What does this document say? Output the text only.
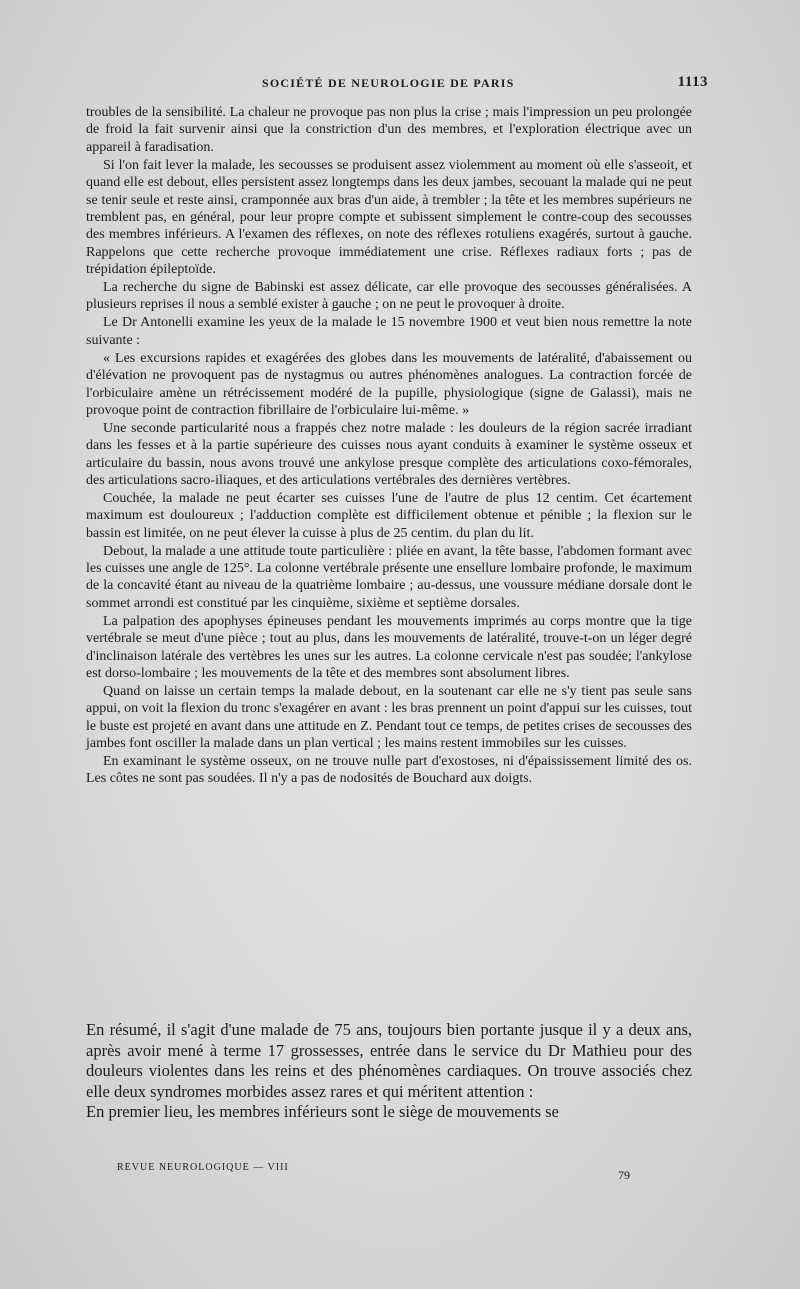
SOCIÉTÉ DE NEUROLOGIE DE PARIS	1113

troubles de la sensibilité. La chaleur ne provoque pas non plus la crise ; mais l'impression un peu prolongée de froid la fait survenir ainsi que la constriction d'un des membres, et l'exploration électrique avec un appareil à faradisation.

Si l'on fait lever la malade, les secousses se produisent assez violemment au moment où elle s'asseoit, et quand elle est debout, elles persistent assez longtemps dans les deux jambes, secouant la malade qui ne peut se tenir seule et reste ainsi, cramponnée aux bras d'un aide, à trembler ; la tête et les membres supérieurs ne tremblent pas, en général, pour leur propre compte et subissent simplement le contre-coup des secousses des membres inférieurs. A l'examen des réflexes, on note des réflexes rotuliens exagérés, surtout à gauche. Rappelons que cette recherche provoque immédiatement une crise. Réflexes radiaux forts ; pas de trépidation épileptoïde.

La recherche du signe de Babinski est assez délicate, car elle provoque des secousses généralisées. A plusieurs reprises il nous a semblé exister à gauche ; on ne peut le provoquer à droite.

Le Dr Antonelli examine les yeux de la malade le 15 novembre 1900 et veut bien nous remettre la note suivante :

« Les excursions rapides et exagérées des globes dans les mouvements de latéralité, d'abaissement ou d'élévation ne provoquent pas de nystagmus ou autres phénomènes analogues. La contraction forcée de l'orbiculaire amène un rétrécissement modéré de la pupille, physiologique (signe de Galassi), mais ne provoque point de contraction fibrillaire de l'orbiculaire lui-même. »

Une seconde particularité nous a frappés chez notre malade : les douleurs de la région sacrée irradiant dans les fesses et à la partie supérieure des cuisses nous ayant conduits à examiner le système osseux et articulaire du bassin, nous avons trouvé une ankylose presque complète des articulations coxo-fémorales, des articulations sacro-iliaques, et des articulations vertébrales des dernières vertèbres.

Couchée, la malade ne peut écarter ses cuisses l'une de l'autre de plus 12 centim. Cet écartement maximum est douloureux ; l'adduction complète est difficilement obtenue et pénible ; la flexion sur le bassin est limitée, on ne peut élever la cuisse à plus de 25 centim. du plan du lit.

Debout, la malade a une attitude toute particulière : pliée en avant, la tête basse, l'abdomen formant avec les cuisses une angle de 125°. La colonne vertébrale présente une ensellure lombaire profonde, le maximum de la concavité étant au niveau de la quatrième lombaire ; au-dessus, une voussure médiane dorsale dont le sommet arrondi est constitué par les cinquième, sixième et septième dorsales.

La palpation des apophyses épineuses pendant les mouvements imprimés au corps montre que la tige vertébrale se meut d'une pièce ; tout au plus, dans les mouvements de latéralité, trouve-t-on un léger degré d'inclinaison latérale des vertèbres les unes sur les autres. La colonne cervicale n'est pas soudée; l'ankylose est dorso-lombaire ; les mouvements de la tête et des membres sont absolument libres.

Quand on laisse un certain temps la malade debout, en la soutenant car elle ne s'y tient pas seule sans appui, on voit la flexion du tronc s'exagérer en avant : les bras prennent un point d'appui sur les cuisses, tout le buste est projeté en avant dans une attitude en Z. Pendant tout ce temps, de petites crises de secousses des jambes font osciller la malade dans un plan vertical ; les mains restent immobiles sur les cuisses.

En examinant le système osseux, on ne trouve nulle part d'exostoses, ni d'épaississement limité des os. Les côtes ne sont pas soudées. Il n'y a pas de nodosités de Bouchard aux doigts.

En résumé, il s'agit d'une malade de 75 ans, toujours bien portante jusque il y a deux ans, après avoir mené à terme 17 grossesses, entrée dans le service du Dr Mathieu pour des douleurs violentes dans les reins et des phénomènes cardiaques. On trouve associés chez elle deux syndromes morbides assez rares et qui méritent attention :

En premier lieu, les membres inférieurs sont le siège de mouvements se

REVUE NEUROLOGIQUE — VIII
79
